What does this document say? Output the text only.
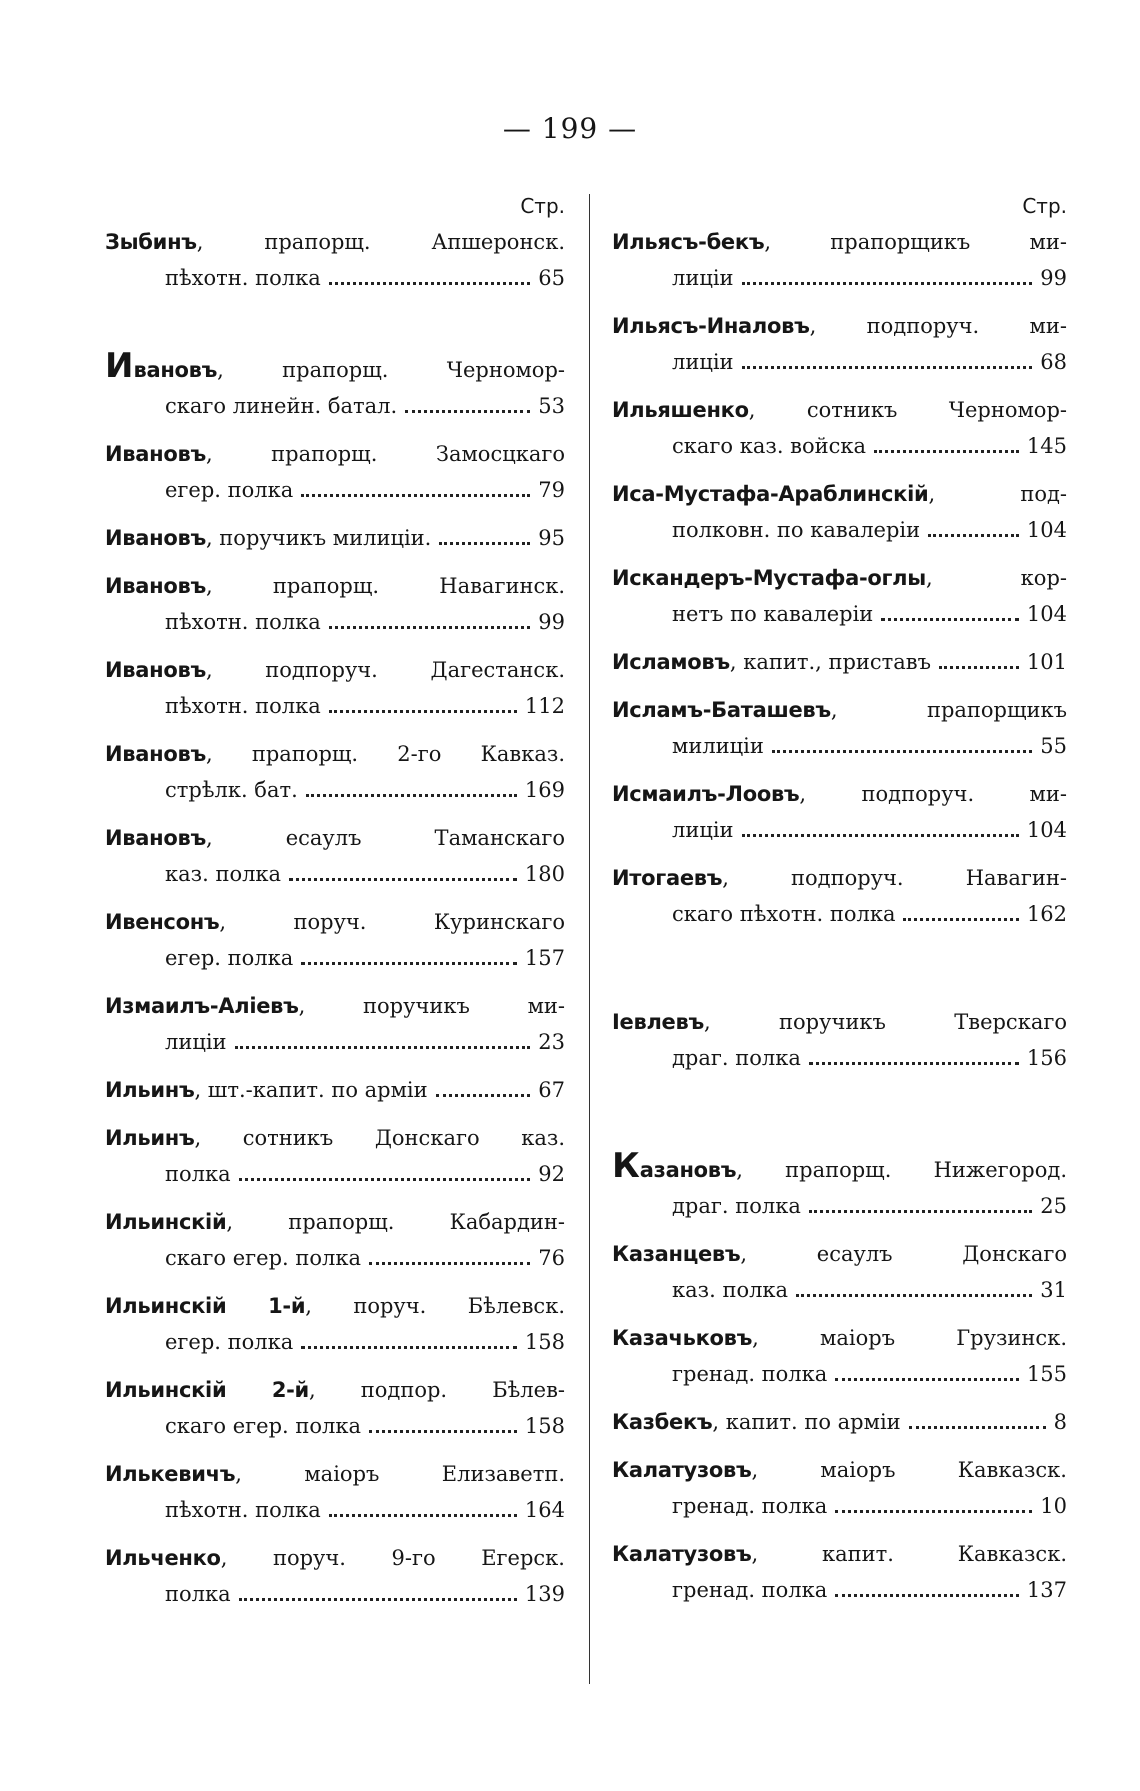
— 199 —
Стр.
Зыбинъ, прапорщ. Апшеронск.
пѣхотн. полка	65
Ивановъ, прапорщ. Черномор-
скаго линейн. батал.	53
Ивановъ, прапорщ. Замосцкаго
егер. полка	79
Ивановъ, поручикъ милиціи.	95
Ивановъ, прапорщ. Навагинск.
пѣхотн. полка	99
Ивановъ, подпоруч. Дагестанск.
пѣхотн. полка	112
Ивановъ, прапорщ. 2-го Кавказ.
стрѣлк. бат.	169
Ивановъ, есаулъ Таманскаго
каз. полка	180
Ивенсонъ, поруч. Куринскаго
егер. полка	157
Измаилъ-Аліевъ, поручикъ ми-
лиціи	23
Ильинъ, шт.-капит. по арміи	67
Ильинъ, сотникъ Донскаго каз.
полка	92
Ильинскій, прапорщ. Кабардин-
скаго егер. полка	76
Ильинскій 1-й, поруч. Бѣлевск.
егер. полка	158
Ильинскій 2-й, подпор. Бѣлев-
скаго егер. полка	158
Илькевичъ, маіоръ Елизаветп.
пѣхотн. полка	164
Ильченко, поруч. 9-го Егерск.
полка	139
Стр.
Ильясъ-бекъ, прапорщикъ ми-
лиціи	99
Ильясъ-Иналовъ, подпоруч. ми-
лиціи	68
Ильяшенко, сотникъ Черномор-
скаго каз. войска	145
Иса-Мустафа-Араблинскій, под-
полковн. по кавалеріи	104
Искандеръ-Мустафа-оглы, кор-
нетъ по кавалеріи	104
Исламовъ, капит., приставъ	101
Исламъ-Баташевъ, прапорщикъ
милиціи	55
Исмаилъ-Лоовъ, подпоруч. ми-
лиціи	104
Итогаевъ, подпоруч. Навагин-
скаго пѣхотн. полка	162
Іевлевъ, поручикъ Тверскаго
драг. полка	156
Казановъ, прапорщ. Нижегород.
драг. полка	25
Казанцевъ, есаулъ Донскаго
каз. полка	31
Казачьковъ, маіоръ Грузинск.
гренад. полка	155
Казбекъ, капит. по арміи	8
Калатузовъ, маіоръ Кавказск.
гренад. полка	10
Калатузовъ, капит. Кавказск.
гренад. полка	137
